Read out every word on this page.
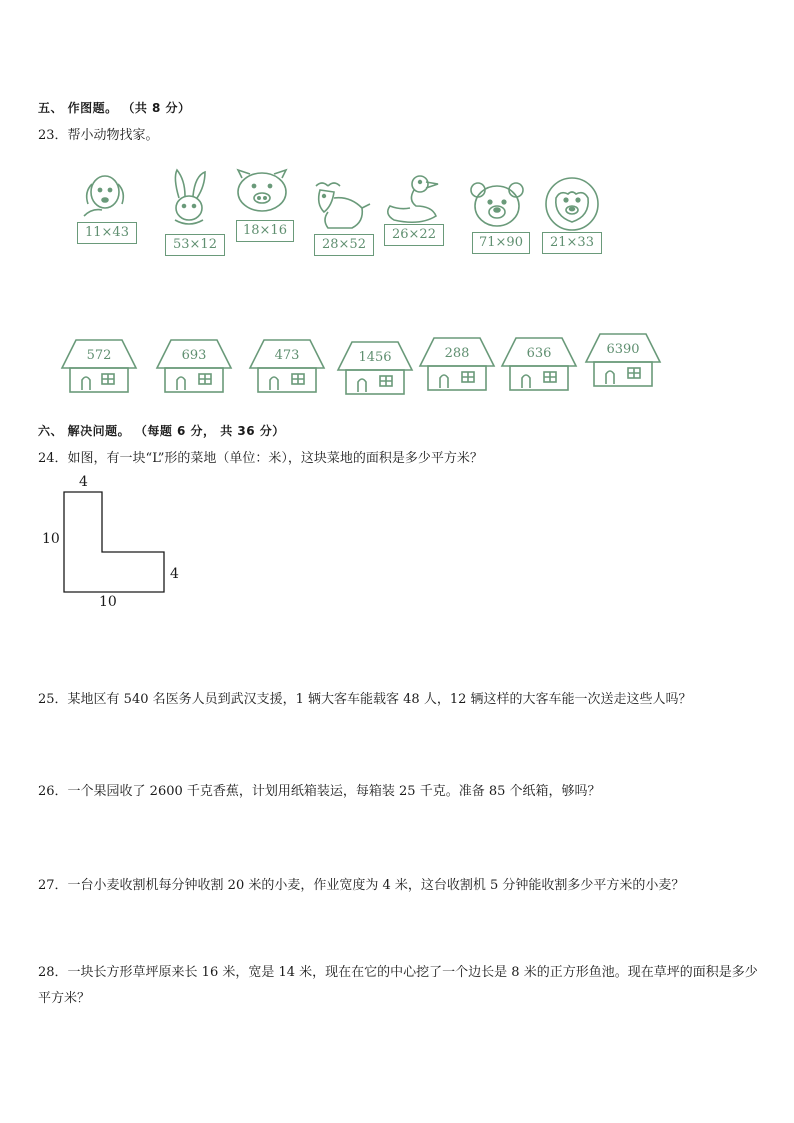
五、 作图题。 （共 8 分）
23．帮小动物找家。
11×43
53×12
18×16
28×52
26×22
71×90	21×33
572	693	473	1456	288	636	6390
六、 解决问题。 （每题 6 分， 共 36 分）
24．如图，有一块“L”形的菜地（单位：米），这块菜地的面积是多少平方米？
4
10
4
10
25．某地区有 540 名医务人员到武汉支援，1 辆大客车能载客 48 人，12 辆这样的大客车能一次送走这些人吗？
26．一个果园收了 2600 千克香蕉，计划用纸箱装运，每箱装 25 千克。准备 85 个纸箱，够吗？
27．一台小麦收割机每分钟收割 20 米的小麦，作业宽度为 4 米，这台收割机 5 分钟能收割多少平方米的小麦？
28．一块长方形草坪原来长 16 米，宽是 14 米，现在在它的中心挖了一个边长是 8 米的正方形鱼池。现在草坪的面积是多少平方米？
